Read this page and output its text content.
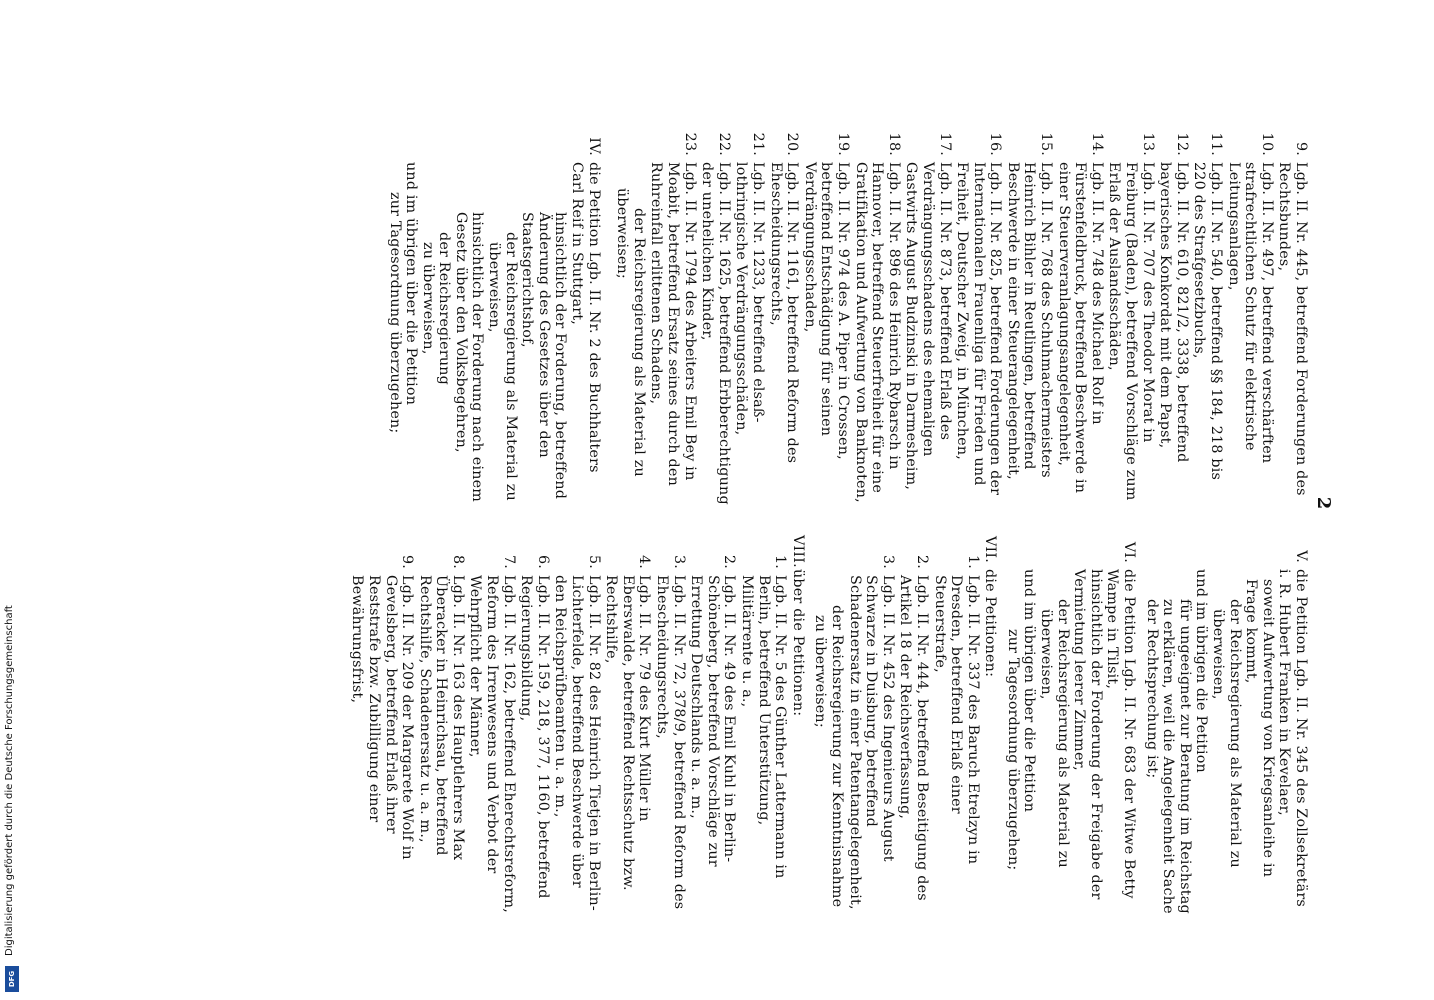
2
9.
Lgb. II. Nr. 445, betreffend Forderungen des Rechtsbundes,
10.
Lgb. II. Nr. 497, betreffend verschärften strafrechtlichen Schutz für elektrische Leitungsanlagen,
11.
Lgb. II. Nr. 540, betreffend §§ 184, 218 bis 220 des Strafgesetzbuchs,
12.
Lgb. II. Nr. 610, 821/2, 3338, betreffend bayerisches Konkordat mit dem Papst,
13.
Lgb. II. Nr. 707 des Theodor Morat in Freiburg (Baden), betreffend Vorschläge zum Erlaß der Auslandsschäden,
14.
Lgb. II. Nr. 748 des Michael Rolf in Fürstenfeldbruck, betreffend Beschwerde in einer Steuerveranlagungsangelegenheit,
15.
Lgb. II. Nr. 768 des Schuhmachermeisters Heinrich Bihler in Reutlingen, betreffend Beschwerde in einer Steuerangelegenheit,
16.
Lgb. II. Nr. 825, betreffend Forderungen der Internationalen Frauenliga für Frieden und Freiheit, Deutscher Zweig, in München,
17.
Lgb. II. Nr. 873, betreffend Erlaß des Verdrängungsschadens des ehemaligen Gastwirts August Budzinski in Darmesheim,
18.
Lgb. II. Nr. 896 des Heinrich Rybarsch in Hannover, betreffend Steuerfreiheit für eine Gratifikation und Aufwertung von Banknoten,
19.
Lgb. II. Nr. 974 des A. Piper in Crossen, betreffend Entschädigung für seinen Verdrängungsschaden,
20.
Lgb. II. Nr. 1161, betreffend Reform des Ehescheidungsrechts,
21.
Lgb. II. Nr. 1233, betreffend elsaß-lothringische Verdrängungsschäden,
22.
Lgb. II. Nr. 1625, betreffend Erbberechtigung der unehelichen Kinder,
23.
Lgb. II. Nr. 1794 des Arbeiters Emil Bey in Moabit, betreffend Ersatz seines durch den Ruhreinfall erlittenen Schadens,

der Reichsregierung als Material zu

überweisen;

IV.

die Petition Lgb. II. Nr. 2 des Buchhalters Carl Reif in Stuttgart,

hinsichtlich der Forderung, betreffend Änderung des Gesetzes über den Staatsgerichtshof,

der Reichsregierung als Material zu

überweisen,

hinsichtlich der Forderung nach einem Gesetz über den Volksbegehren,

der Reichsregierung

zu überweisen,

und im übrigen über die Petition

zur Tagesordnung überzugehen;

V.

die Petition Lgb. II. Nr. 345 des Zollsekretärs i. R. Hubert Franken in Kevelaer,

soweit Aufwertung von Kriegsanleihe in Frage kommt,

der Reichsregierung als Material zu

überweisen,

und im übrigen die Petition

für ungeeignet zur Beratung im Reichstag zu erklären, weil die Angelegenheit Sache der Rechtsprechung ist;

VI.

die Petition Lgb. II. Nr. 683 der Witwe Betty Wampe in Tilsit,

hinsichtlich der Forderung der Freigabe der Vermietung leerer Zimmer,

der Reichsregierung als Material zu

überweisen,

und im übrigen über die Petition

zur Tagesordnung überzugehen;

VII.

die Petitionen:

1.
Lgb. II. Nr. 337 des Baruch Etrelzyn in Dresden, betreffend Erlaß einer Steuerstrafe,
2.
Lgb. II. Nr. 444, betreffend Beseitigung des Artikel 18 der Reichsverfassung,
3.
Lgb. II. Nr. 452 des Ingenieurs August Schwarze in Duisburg, betreffend Schadenersatz in einer Patentangelegenheit,

der Reichsregierung zur Kenntnisnahme

zu überweisen;

VIII.

über die Petitionen:

1.
Lgb. II. Nr. 5 des Günther Lattermann in Berlin, betreffend Unterstützung, Militärrente u. a.,
2.
Lgb. II. Nr. 49 des Emil Kuhl in Berlin-Schöneberg, betreffend Vorschläge zur Errettung Deutschlands u. a. m.,
3.
Lgb. II. Nr. 72, 378/9, betreffend Reform des Ehescheidungsrechts,
4.
Lgb. II. Nr. 79 des Kurt Müller in Eberswalde, betreffend Rechtsschutz bzw. Rechtshilfe,
5.
Lgb. II. Nr. 82 des Heinrich Tietjen in Berlin-Lichterfelde, betreffend Beschwerde über den Reichsprüfbeamten u. a. m.,
6.
Lgb. II. Nr. 159, 218, 377, 1160, betreffend Regierungsbildung,
7.
Lgb. II. Nr. 162, betreffend Eherechtsreform, Reform des Irrenwesens und Verbot der Wehrpflicht der Männer,
8.
Lgb. II. Nr. 163 des Hauptlehrers Max Überacker in Heinrichsau, betreffend Rechtshilfe, Schadenersatz u. a. m.,
9.
Lgb. II. Nr. 209 der Margarete Wolf in Gevelsberg, betreffend Erlaß ihrer Reststrafe bzw. Zubilligung einer Bewährungsfrist,
Digitalisierung gefördert durch die Deutsche Forschungsgemeinschaft
DFG
